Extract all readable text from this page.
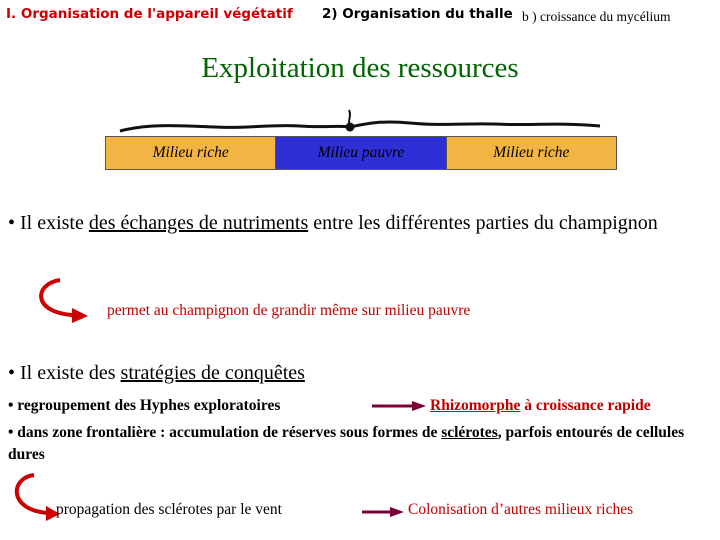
I. Organisation de l'appareil végétatif 2) Organisation du thalle b ) croissance du mycélium
Exploitation des ressources
Milieu riche	Milieu pauvre	Milieu riche
• Il existe des échanges de nutriments entre les différentes parties du champignon
permet au champignon de grandir même sur milieu pauvre
• Il existe des stratégies de conquêtes
• regroupement des Hyphes exploratoires	Rhizomorphe à croissance rapide
• dans zone frontalière : accumulation de réserves sous formes de sclérotes, parfois entourés de cellules dures
propagation des sclérotes par le vent	Colonisation d’autres milieux riches
